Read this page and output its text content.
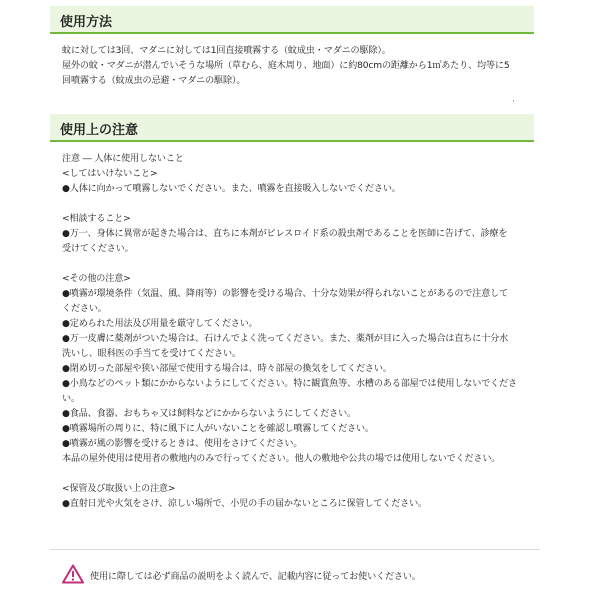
使用方法
蚊に対しては3回、マダニに対しては1回直接噴霧する（蚊成虫・マダニの駆除）。
屋外の蚊・マダニが潜んでいそうな場所（草むら、庭木周り、地面）に約80cmの距離から1㎡あたり、均等に5
回噴霧する（蚊成虫の忌避・マダニの駆除）。
使用上の注意
注意 ― 人体に使用しないこと
<してはいけないこと>
●人体に向かって噴霧しないでください。また、噴霧を直接吸入しないでください。
<相談すること>
●万一、身体に異常が起きた場合は、直ちに本剤がピレスロイド系の殺虫剤であることを医師に告げて、診療を
受けてください。
<その他の注意>
●噴霧が環境条件（気温、風、降雨等）の影響を受ける場合、十分な効果が得られないことがあるので注意して
ください。
●定められた用法及び用量を厳守してください。
●万一皮膚に薬剤がついた場合は、石けんでよく洗ってください。また、薬剤が目に入った場合は直ちに十分水
洗いし、眼科医の手当てを受けてください。
●閉め切った部屋や狭い部屋で使用する場合は、時々部屋の換気をしてください。
●小鳥などのペット類にかからないようにしてください。特に観賞魚等、水槽のある部屋では使用しないでくださ
い。
●食品、食器、おもちゃ又は飼料などにかからないようにしてください。
●噴霧場所の周りに、特に風下に人がいないことを確認し噴霧してください。
●噴霧が風の影響を受けるときは、使用をさけてください。
本品の屋外使用は使用者の敷地内のみで行ってください。他人の敷地や公共の場では使用しないでください。
<保管及び取扱い上の注意>
●直射日光や火気をさけ、涼しい場所で、小児の手の届かないところに保管してください。
使用に際しては必ず商品の説明をよく読んで、記載内容に従ってお使いください。
